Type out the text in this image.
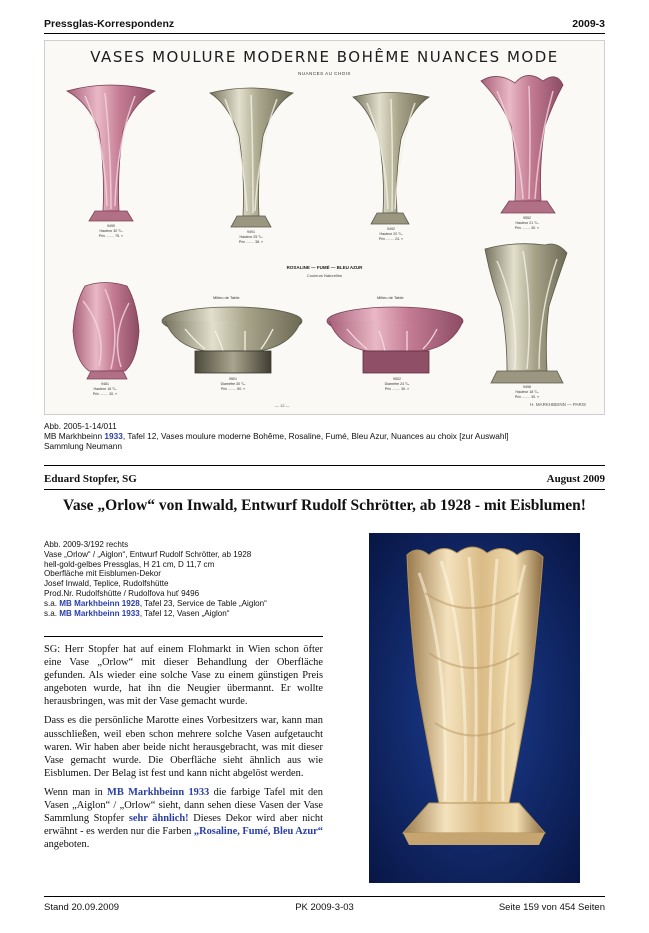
Pressglas-Korrespondenz	2009-3
VASES MOULURE MODERNE BOHÊME NUANCES MODE
NUANCES AU CHOIX
9490
Hauteur 30 ⁰⁄ₘ
Prix ........ 75. »
9491
Hauteur 25 ⁰⁄ₘ
Prix ........ 38. »
9492
Hauteur 20 ⁰⁄ₘ
Prix ........ 24. »
9552
Hauteur 21 ⁰⁄ₘ
Prix ........ 40. »
ROSALINE — FUMÉ — BLEU AZUR
Couleurs Naturelles
Milieu de Table	Milieu de Table
9481
Hauteur 16 ⁰⁄ₘ
Prix ........ 30. »
9501
Diamètre 30 ⁰⁄ₘ
Prix ........ 50. »
9502
Diamètre 24 ⁰⁄ₘ
Prix ........ 30. »	9496
Hauteur 18 ⁰⁄ₘ
Prix ........ 30. »
— 12 —	H. MARKHBEINN — PARIS
Abb. 2005-1-14/011
MB Markhbeinn 1933, Tafel 12, Vases moulure moderne Bohême, Rosaline, Fumé, Bleu Azur, Nuances au choix [zur Auswahl]
Sammlung Neumann
Eduard Stopfer, SG	August 2009
Vase „Orlow“ von Inwald, Entwurf Rudolf Schrötter, ab 1928 - mit Eisblumen!
Abb. 2009-3/192 rechts
Vase „Orlow“ / „Aiglon“, Entwurf Rudolf Schrötter, ab 1928
hell-gold-gelbes Pressglas, H 21 cm, D 11,7 cm
Oberfläche mit Eisblumen-Dekor
Josef Inwald, Teplice, Rudolfshütte
Prod.Nr. Rudolfshütte / Rudolfova huť 9496
s.a. MB Markhbeinn 1928, Tafel 23, Service de Table „Aiglon“
s.a. MB Markhbeinn 1933, Tafel 12, Vasen „Aiglon“

SG: Herr Stopfer hat auf einem Flohmarkt in Wien schon öfter eine Vase „Orlow“ mit dieser Behandlung der Oberfläche gefunden. Als wieder eine solche Vase zu einem günstigen Preis angeboten wurde, hat ihn die Neugier übermannt. Er wollte herausbringen, was mit der Vase gemacht wurde.

Dass es die persönliche Marotte eines Vorbesitzers war, kann man ausschließen, weil eben schon mehrere solche Vasen aufgetaucht waren. Wir haben aber beide nicht herausgebracht, was mit dieser Vase gemacht wurde. Die Oberfläche sieht ähnlich aus wie Eisblumen. Der Belag ist fest und kann nicht abgelöst werden.

Wenn man in MB Markhbeinn 1933 die farbige Tafel mit den Vasen „Aiglon“ / „Orlow“ sieht, dann sehen diese Vasen der Vase Sammlung Stopfer sehr ähnlich! Dieses Dekor wird aber nicht erwähnt - es werden nur die Farben „Rosaline, Fumé, Bleu Azur“ angeboten.

Stand 20.09.2009	PK 2009-3-03	Seite 159 von 454 Seiten
